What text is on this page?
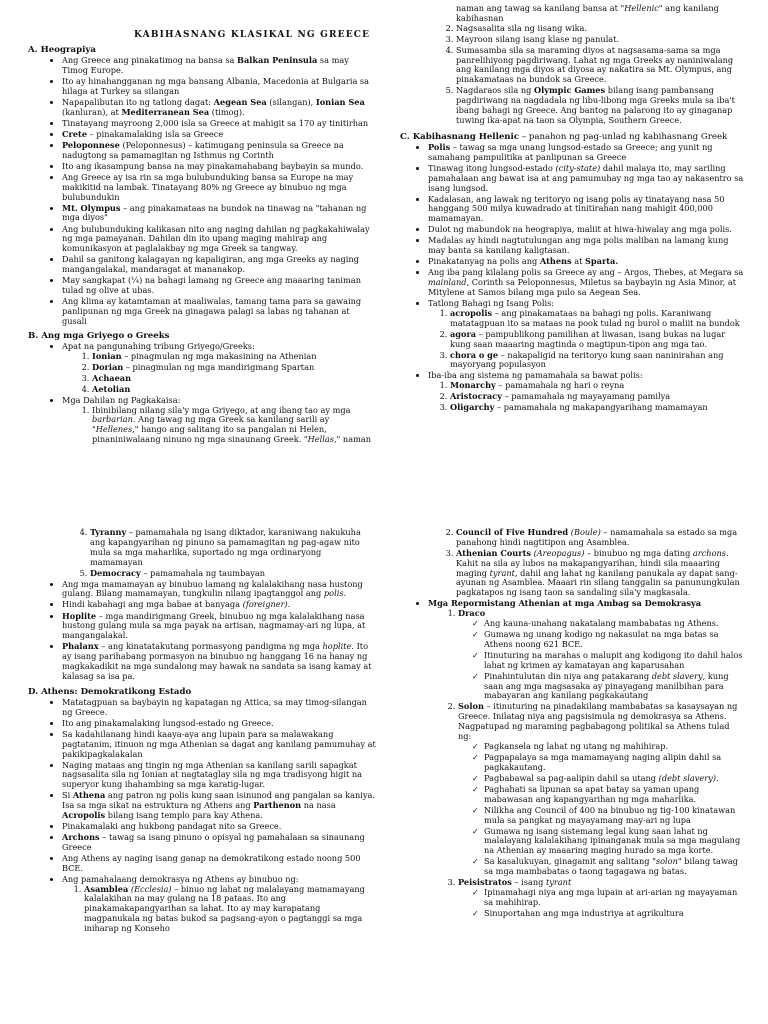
KABIHASNANG KLASIKAL NG GREECE
A. Heograpiya
• Ang Greece ang pinakatimog na bansa sa Balkan Peninsula sa may Timog Europe.
• Ito ay hinahangganan ng mga bansang Albania, Macedonia at Bulgaria sa hilaga at Turkey sa silangan
• Napapalibutan ito ng tatlong dagat: Aegean Sea (silangan), Ionian Sea (kanluran), at Mediterranean Sea (timog).
• Tinatayang mayroong 2,000 isla sa Greece at mahigit sa 170 ay tinitirhan
• Crete – pinakamalaking isla sa Greece
• Peloponnese (Peloponnesus) – katimugang peninsula sa Greece na nadugtong sa pamamagitan ng Isthmus ng Corinth
• Ito ang ikasampung bansa na may pinakamahabang baybayin sa mundo.
• Ang Greece ay isa rin sa mga bulubunduking bansa sa Europe na may makikitid na lambak. Tinatayang 80% ng Greece ay binubuo ng mga bulubundukin
• Mt. Olympus – ang pinakamataas na bundok na tinawag na "tahanan ng mga diyos"
• Ang bulubunduking kalikasan nito ang naging dahilan ng pagkakahiwalay ng mga pamayanan. Dahilan din ito upang maging mahirap ang komunikasyon at paglalakbay ng mga Greek sa tangway.
• Dahil sa ganitong kalagayan ng kapaligiran, ang mga Greeks ay naging mangangalakal, mandaragat at mananakop.
• May sangkapat (¼) na bahagi lamang ng Greece ang maaaring taniman tulad ng olive at ubas.
• Ang klima ay katamtaman at maaliwalas, tamang tama para sa gawaing panlipunan ng mga Greek na ginagawa palagi sa labas ng tahanan at gusali
B. Ang mga Griyego o Greeks
• Apat na pangunahing tribung Griyego/Greeks:
1. Ionian – pinagmulan ng mga makasining na Athenian
2. Dorian – pinagmulan ng mga mandirigmang Spartan
3. Achaean
4. Aetolian
• Mga Dahilan ng Pagkakaisa:
1. Ibinibilang nilang sila'y mga Griyego, at ang ibang tao ay mga barbarian. Ang tawag ng mga Greek sa kanilang sarili ay "Hellenes," hango ang salitang ito sa pangalan ni Helen, pinaniniwalaang ninuno ng mga sinaunang Greek. "Hellas," naman
naman ang tawag sa kanilang bansa at "Hellenic" ang kanilang kabihasnan
2. Nagsasalita sila ng iisang wika.
3. Mayroon silang isang klase ng panulat.
4. Sumasamba sila sa maraming diyos at nagsasama-sama sa mga panrelihiyong pagdiriwang. Lahat ng mga Greeks ay naniniwalang ang kanilang mga diyos at diyosa ay nakatira sa Mt. Olympus, ang pinakamataas na bundok sa Greece.
5. Nagdaraos sila ng Olympic Games bilang isang pambansang pagdiriwang na nagdadala ng libu-libong mga Greeks mula sa iba't ibang bahagi ng Greece. Ang bantog na palarong ito ay ginaganap tuwing ika-apat na taon sa Olympia, Southern Greece.
C. Kabihasnang Hellenic – panahon ng pag-unlad ng kabihasnang Greek
• Polis – tawag sa mga unang lungsod-estado sa Greece; ang yunit ng samahang pampulitika at panlipunan sa Greece
• Tinawag itong lungsod-estado (city-state) dahil malaya ito, may sariling pamahalaan ang bawat isa at ang pamumuhay ng mga tao ay nakasentro sa isang lungsod.
• Kadalasan, ang lawak ng teritoryo ng isang polis ay tinatayang nasa 50 hanggang 500 milya kuwadrado at tinitirahan nang mahigit 400,000 mamamayan.
• Dulot ng mabundok na heograpiya, maliit at hiwa-hiwalay ang mga polis.
• Madalas ay hindi nagtutulungan ang mga polis maliban na lamang kung may banta sa kanilang kaligtasan.
• Pinakatanyag na polis ang Athens at Sparta.
• Ang iba pang kilalang polis sa Greece ay ang – Argos, Thebes, at Megara sa mainland, Corinth sa Peloponnesus, Miletus sa baybayin ng Asia Minor, at Mitylene at Samos bilang mga pulo sa Aegean Sea.
• Tatlong Bahagi ng Isang Polis:
1. acropolis – ang pinakamataas na bahagi ng polis. Karaniwang matatagpuan ito sa mataas na pook tulad ng burol o maliit na bundok
2. agora – pampublikong pamilihan at liwasan, isang bukas na lugar kung saan maaaring magtinda o magtipun-tipon ang mga tao.
3. chora o ge – nakapaligid na teritoryo kung saan naninirahan ang mayoryang populasyon
• Iba-iba ang sistema ng pamamahala sa bawat polis:
1. Monarchy – pamamahala ng hari o reyna
2. Aristocracy – pamamahala ng mayayamang pamilya
3. Oligarchy – pamamahala ng makapangyarihang mamamayan
4. Tyranny – pamamahala ng isang diktador, karaniwang nakukuha ang kapangyarihan ng pinuno sa pamamagitan ng pag-agaw nito mula sa mga maharlika, suportado ng mga ordinaryong mamamayan
5. Democracy – pamamahala ng taumbayan
• Ang mga mamamayan ay binubuo lamang ng kalalakihang nasa hustong gulang. Bilang mamamayan, tungkulin nilang ipagtanggol ang polis.
• Hindi kabahagi ang mga babae at banyaga (foreigner).
• Hoplite – mga mandirigmang Greek, binubuo ng mga kalalakihang nasa hustong gulang mula sa mga payak na artisan, nagmamay-ari ng lupa, at mangangalakal.
• Phalanx – ang kinatatakutang pormasyong pandigma ng mga hoplite. Ito ay isang parihabang pormasyon na binubuo ng hanggang 16 na hanay ng magkakadikit na mga sundalong may hawak na sandata sa isang kamay at kalasag sa isa pa.
D. Athens: Demokratikong Estado
• Matatagpuan sa baybayin ng kapatagan ng Attica, sa may timog-silangan ng Greece.
• Ito ang pinakamalaking lungsod-estado ng Greece.
• Sa kadahilanang hindi kaaya-aya ang lupain para sa malawakang pagtatanim, itinuon ng mga Athenian sa dagat ang kanilang pamumuhay at pakikipagkalakalan
• Naging mataas ang tingin ng mga Athenian sa kanilang sarili sapagkat nagsasalita sila ng Ionian at nagtataglay sila ng mga tradisyong higit na superyor kung ihahambing sa mga karatig-lugar.
• Si Athena ang patron ng polis kung saan isinunod ang pangalan sa kaniya. Isa sa mga sikat na estruktura ng Athens ang Parthenon na nasa Acropolis bilang isang templo para kay Athena.
• Pinakamalaki ang hukbong pandagat nito sa Greece.
• Archons – tawag sa isang pinuno o opisyal ng pamahalaan sa sinaunang Greece
• Ang Athens ay naging isang ganap na demokratikong estado noong 500 BCE.
• Ang pamahalaang demokrasya ng Athens ay binubuo ng:
1. Asamblea (Ecclesia) – binuo ng lahat ng malalayang mamamayang kalalakihan na may gulang na 18 pataas. Ito ang pinakamakapangyarihan sa lahat. Ito ay may karapatang magpanukala ng batas bukod sa pagsang-ayon o pagtanggi sa mga iniharap ng Konseho
2. Council of Five Hundred (Boule) – namamahala sa estado sa mga panahong hindi nagtitipon ang Asamblea.
3. Athenian Courts (Areopagus) – binubuo ng mga dating archons. Kahit na sila ay lubos na makapangyarihan, hindi sila maaaring maging tyrant, dahil ang lahat ng kanilang panukala ay dapat sang-ayunan ng Asamblea. Maaari rin silang tanggalin sa panunungkulan pagkatapos ng isang taon sa sandaling sila'y magkasala.
• Mga Repormistang Athenian at mga Ambag sa Demokrasya
1. Draco
✓ Ang kauna-unahang nakatalang mambabatas ng Athens.
✓ Gumawa ng unang kodigo ng nakasulat na mga batas sa Athens noong 621 BCE.
✓ Itinuturing na marahas o malupit ang kodigong ito dahil halos lahat ng krimen ay kamatayan ang kaparusahan
✓ Pinahintulutan din niya ang patakarang debt slavery, kung saan ang mga magsasaka ay pinayagang manilbihan para mabayaran ang kanilang pagkakautang
2. Solon – itinuturing na pinadakilang mambabatas sa kasaysayan ng Greece. Inilatag niya ang pagsisimula ng demokrasya sa Athens. Nagpatupad ng maraming pagbabagong politikal sa Athens tulad ng:
✓ Pagkansela ng lahat ng utang ng mahihirap.
✓ Pagpapalaya sa mga mamamayang naging alipin dahil sa pagkakautang.
✓ Pagbabawal sa pag-aalipin dahil sa utang (debt slavery).
✓ Paghahati sa lipunan sa apat batay sa yaman upang mabawasan ang kapangyarihan ng mga maharlika.
✓ Nilikha ang Council of 400 na binubuo ng tig-100 kinatawan mula sa pangkat ng mayayamang may-ari ng lupa
✓ Gumawa ng isang sistemang legal kung saan lahat ng malalayang kalalakihang ipinanganak mula sa mga magulang na Athenian ay maaaring maging hurado sa mga korte.
✓ Sa kasalukuyan, ginagamit ang salitang "solon" bilang tawag sa mga mambabatas o taong tagagawa ng batas.
3. Peisistratos – isang tyrant
✓ Ipinamahagi niya ang mga lupain at ari-arian ng mayayaman sa mahihirap.
✓ Sinuportahan ang mga industriya at agrikultura
